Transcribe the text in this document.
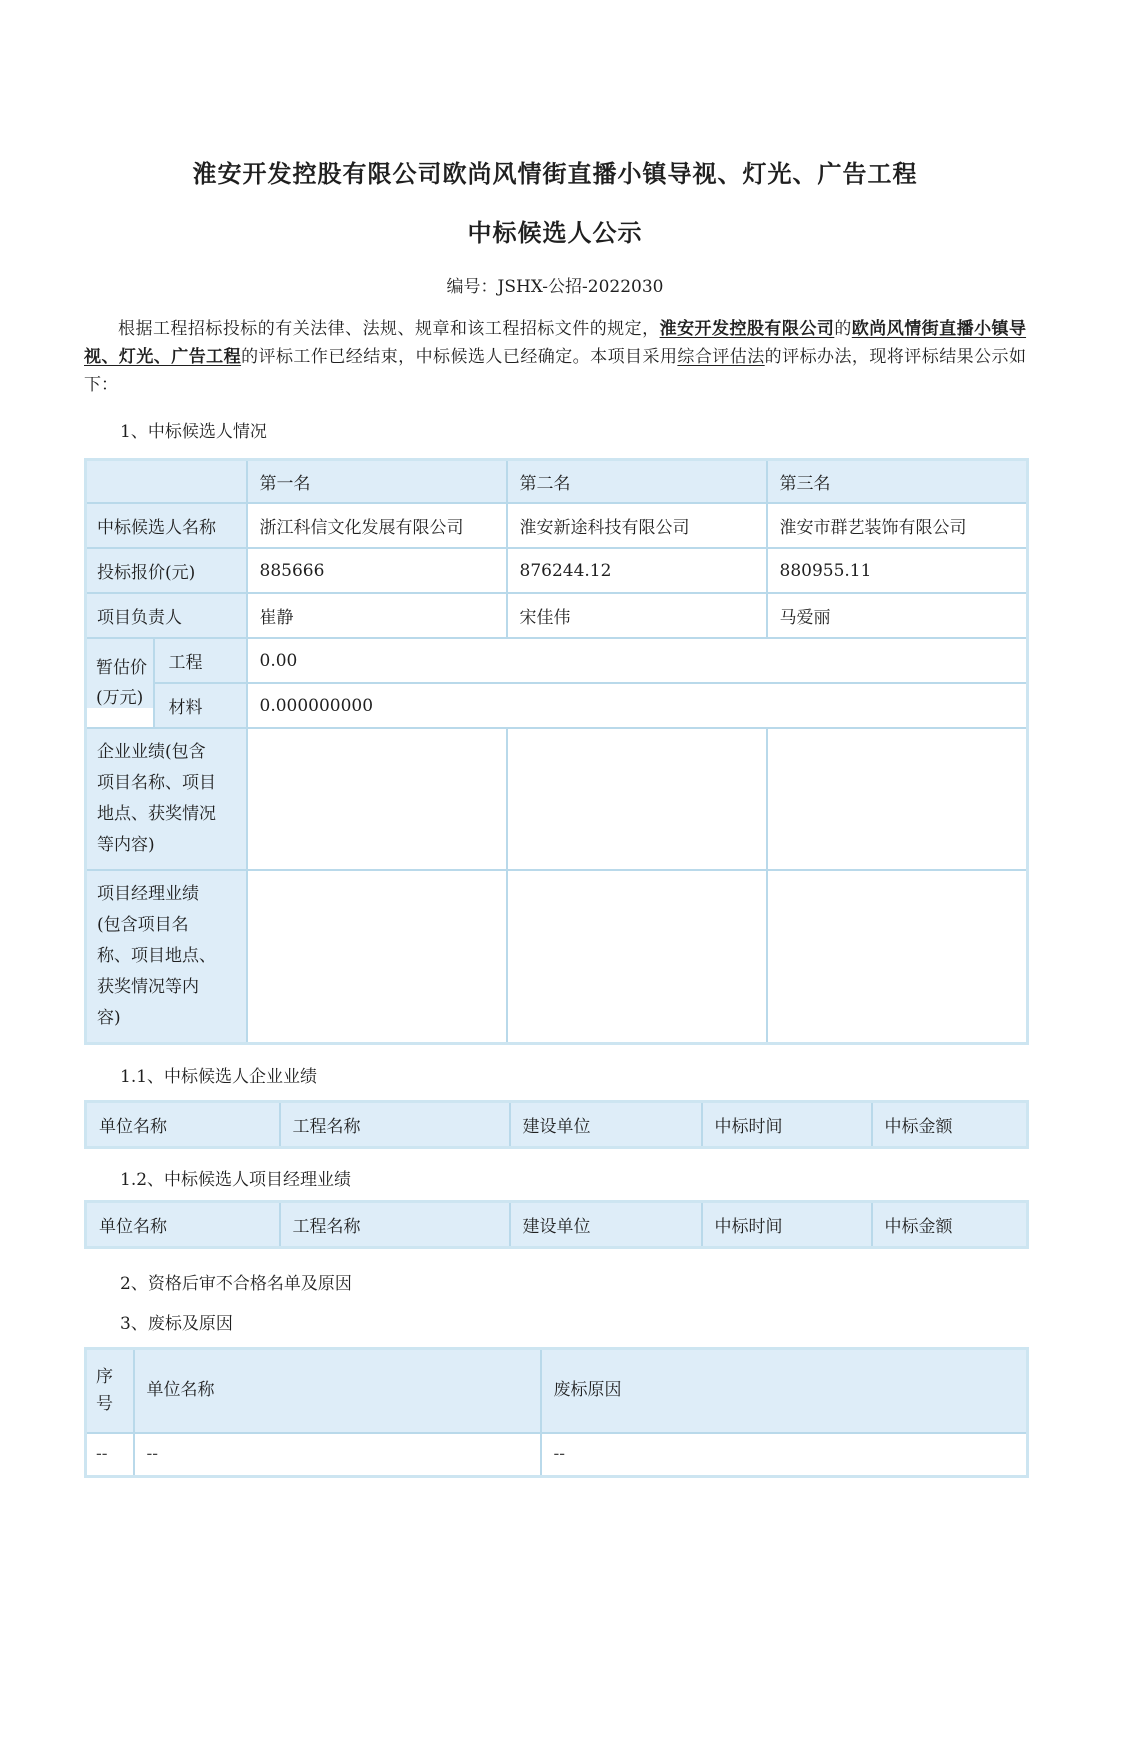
淮安开发控股有限公司欧尚风情街直播小镇导视、灯光、广告工程
中标候选人公示
编号：JSHX-公招-2022030

根据工程招标投标的有关法律、法规、规章和该工程招标文件的规定，淮安开发控股有限公司的欧尚风情街直播小镇导视、灯光、广告工程的评标工作已经结束，中标候选人已经确定。本项目采用综合评估法的评标办法，现将评标结果公示如下：

1、中标候选人情况
		第一名	第二名	第三名
中标候选人名称		浙江科信文化发展有限公司	淮安新途科技有限公司	淮安市群艺装饰有限公司
投标报价(元)		885666	876244.12	880955.11
项目负责人		崔静	宋佳伟	马爱丽

暂估价
(万元)	工程	0.00		
	材料	0.000000000		
企业业绩(包含项目名称、项目地点、获奖情况等内容)				
项目经理业绩(包含项目名称、项目地点、获奖情况等内容)				
1.1、中标候选人企业业绩
单位名称	工程名称	建设单位	中标时间	中标金额
1.2、中标候选人项目经理业绩
单位名称	工程名称	建设单位	中标时间	中标金额
2、资格后审不合格名单及原因
3、废标及原因
序号	单位名称	废标原因
--	--	--
